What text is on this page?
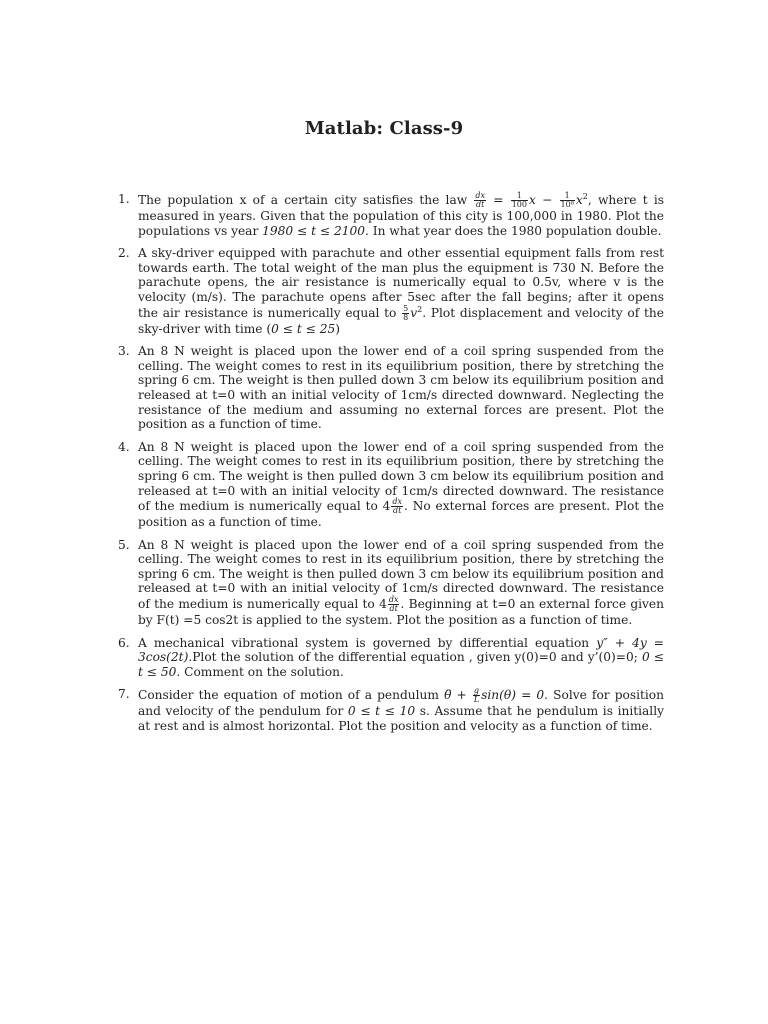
Matlab: Class-9
1. The population x of a certain city satisfies the law $\frac{dx}{dt} = \frac{1}{100}$ $x - \frac{1}{\text{10⁸}} x^2$, where t is measured in years. Given that the population of this city is 100,000 in 1980. Plot the populations vs year 1980 ≤ t ≤ 2100. In what year does the 1980 population double.
2. A sky-driver equipped with parachute and other essential equipment falls from rest towards earth. The total weight of the man plus the equipment is 730 N. Before the parachute opens, the air resistance is numerically equal to 0.5v, where v is the velocity (m/s). The parachute opens after 5sec after the fall begins; after it opens the air resistance is numerically equal to $\frac{5}{8} v^2$. Plot displacement and velocity of the sky-driver with time (0 ≤ t ≤ 25)
3. An 8 N weight is placed upon the lower end of a coil spring suspended from the celling. The weight comes to rest in its equilibrium position, there by stretching the spring 6 cm. The weight is then pulled down 3 cm below its equilibrium position and released at t=0 with an initial velocity of 1cm/s directed downward. Neglecting the resistance of the medium and assuming no external forces are present. Plot the position as a function of time.
4. An 8 N weight is placed upon the lower end of a coil spring suspended from the celling. The weight comes to rest in its equilibrium position, there by stretching the spring 6 cm. The weight is then pulled down 3 cm below its equilibrium position and released at t=0 with an initial velocity of 1cm/s directed downward. The resistance of the medium is numerically equal to $4 \frac{dx}{dt}$ . No external forces are present. Plot the position as a function of time.
5. An 8 N weight is placed upon the lower end of a coil spring suspended from the celling. The weight comes to rest in its equilibrium position, there by stretching the spring 6 cm. The weight is then pulled down 3 cm below its equilibrium position and released at t=0 with an initial velocity of 1cm/s directed downward. The resistance of the medium is numerically equal to $4 \frac{dx}{dt}$ . Beginning at t=0 an external force given by F(t) =5 cos2t is applied to the system. Plot the position as a function of time.
6. A mechanical vibrational system is governed by differential equation y″ + 4y = 3cos(2t).Plot the solution of the differential equation , given y(0)=0 and y’(0)=0; 0 ≤ t ≤ 50. Comment on the solution.
7. Consider the equation of motion of a pendulum θ̈ + $\frac{g}{L} \sin(\theta) = 0$. Solve for position and velocity of the pendulum for 0 ≤ t ≤ 10 s. Assume that he pendulum is initially at rest and is almost horizontal. Plot the position and velocity as a function of time.
